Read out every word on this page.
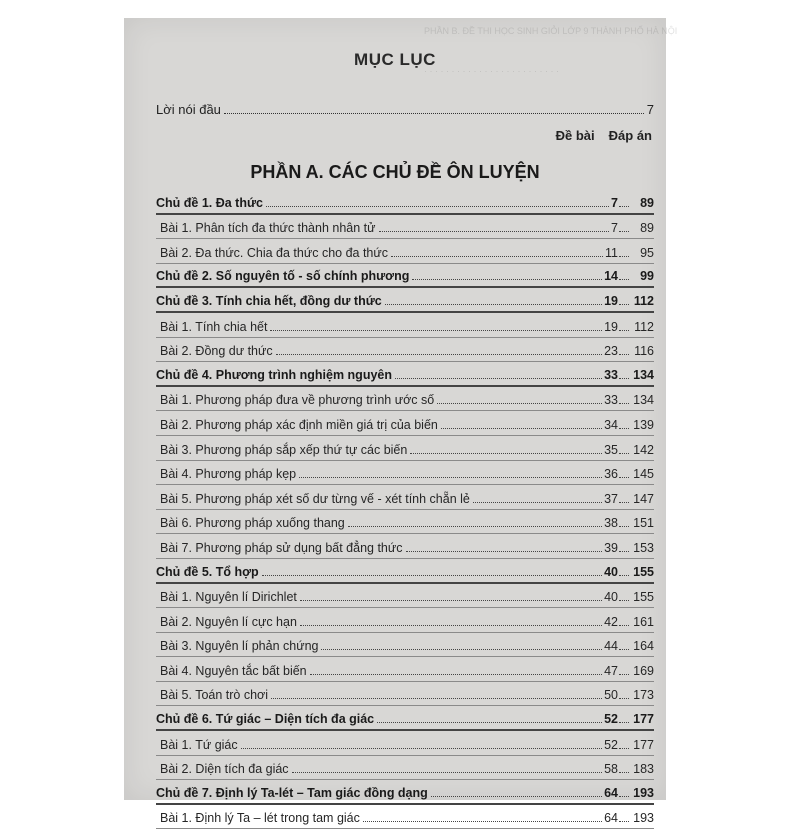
PHẦN B. ĐỀ THI HỌC SINH GIỎI LỚP 9 THÀNH PHỐ HÀ NỘI
· · · · · · · · · · · · · · · · · · · · · · · · ·
MỤC LỤC
Lời nói đầu	7
Đề bài Đáp án
PHẦN A. CÁC CHỦ ĐỀ ÔN LUYỆN
Chủ đề 1. Đa thức	7	89
Bài 1. Phân tích đa thức thành nhân tử	7	89
Bài 2. Đa thức. Chia đa thức cho đa thức	11	95
Chủ đề 2. Số nguyên tố - số chính phương	14	99
Chủ đề 3. Tính chia hết, đồng dư thức	19	112
Bài 1. Tính chia hết	19	112
Bài 2. Đồng dư thức	23	116
Chủ đề 4. Phương trình nghiệm nguyên	33 134
Bài 1. Phương pháp đưa về phương trình ước số	33 134
Bài 2. Phương pháp xác định miền giá trị của biến	34 139
Bài 3. Phương pháp sắp xếp thứ tự các biến	35 142
Bài 4. Phương pháp kẹp	36 145
Bài 5. Phương pháp xét số dư từng vế - xét tính chẵn lẻ	37 147
Bài 6. Phương pháp xuống thang	38 151
Bài 7. Phương pháp sử dụng bất đẳng thức	39 153
Chủ đề 5. Tổ hợp	40 155
Bài 1. Nguyên lí Dirichlet	40 155
Bài 2. Nguyên lí cực hạn	42 161
Bài 3. Nguyên lí phản chứng	44 164
Bài 4. Nguyên tắc bất biến	47 169
Bài 5. Toán trò chơi	50 173
Chủ đề 6. Tứ giác – Diện tích đa giác	52 177
Bài 1. Tứ giác	52 177
Bài 2. Diện tích đa giác	58 183
Chủ đề 7. Định lý Ta-lét – Tam giác đồng dạng	64 193
Bài 1. Định lý Ta – lét trong tam giác	64 193
